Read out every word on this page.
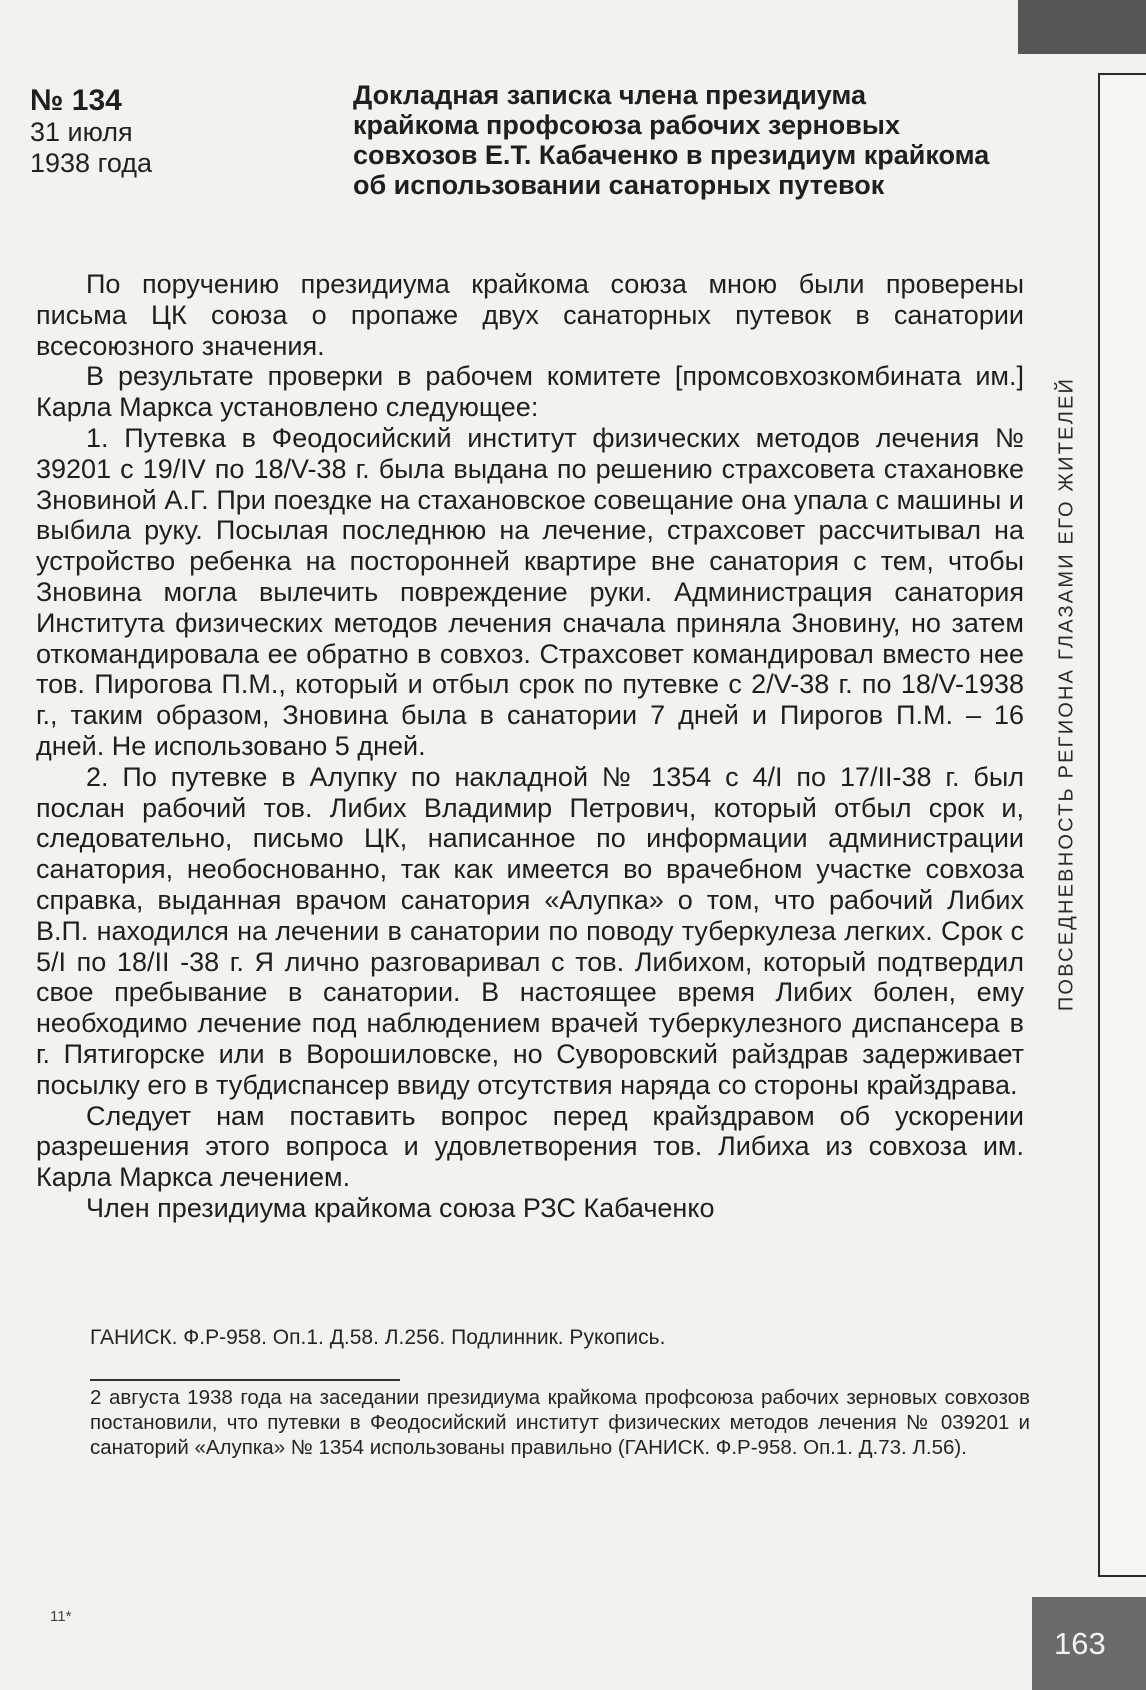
ПОВСЕДНЕВНОСТЬ РЕГИОНА ГЛАЗАМИ ЕГО ЖИТЕЛЕЙ
№ 134
31 июля
1938 года
Докладная записка члена президиума крайкома профсоюза рабочих зерновых совхозов Е.Т. Кабаченко в президиум крайкома об использовании санаторных путевок

По поручению президиума крайкома союза мною были проверены письма ЦК союза о пропаже двух санаторных путевок в санатории всесоюзного значения.

В результате проверки в рабочем комитете [промсовхозкомбината им.] Карла Маркса установлено следующее:

1. Путевка в Феодосийский институт физических методов лечения № 39201 с 19/IV по 18/V-38 г. была выдана по решению страхсовета стахановке Зновиной А.Г. При поездке на стахановское совещание она упала с машины и выбила руку. Посылая последнюю на лечение, страхсовет рассчитывал на устройство ребенка на посторонней квартире вне санатория с тем, чтобы Зновина могла вылечить повреждение руки. Администрация санатория Института физических методов лечения сначала приняла Зновину, но затем откомандировала ее обратно в совхоз. Страхсовет командировал вместо нее тов. Пирогова П.М., который и отбыл срок по путевке с 2/V-38 г. по 18/V-1938 г., таким образом, Зновина была в санатории 7 дней и Пирогов П.М. – 16 дней. Не использовано 5 дней.

2. По путевке в Алупку по накладной № 1354 с 4/I по 17/II-38 г. был послан рабочий тов. Либих Владимир Петрович, который отбыл срок и, следовательно, письмо ЦК, написанное по информации администрации санатория, необоснованно, так как имеется во врачебном участке совхоза справка, выданная врачом санатория «Алупка» о том, что рабочий Либих В.П. находился на лечении в санатории по поводу туберкулеза легких. Срок с 5/I по 18/II -38 г. Я лично разговаривал с тов. Либихом, который подтвердил свое пребывание в санатории. В настоящее время Либих болен, ему необходимо лечение под наблюдением врачей туберкулезного диспансера в г. Пятигорске или в Ворошиловске, но Суворовский райздрав задерживает посылку его в тубдиспансер ввиду отсутствия наряда со стороны крайздрава.

Следует нам поставить вопрос перед крайздравом об ускорении разрешения этого вопроса и удовлетворения тов. Либиха из совхоза им. Карла Маркса лечением.

Член президиума крайкома союза РЗС Кабаченко

ГАНИСК. Ф.Р-958. Оп.1. Д.58. Л.256. Подлинник. Рукопись.
2 августа 1938 года на заседании президиума крайкома профсоюза рабочих зерновых совхозов постановили, что путевки в Феодосийский институт физических методов лечения № 039201 и санаторий «Алупка» № 1354 использованы правильно (ГАНИСК. Ф.Р-958. Оп.1. Д.73. Л.56).
11*
163
